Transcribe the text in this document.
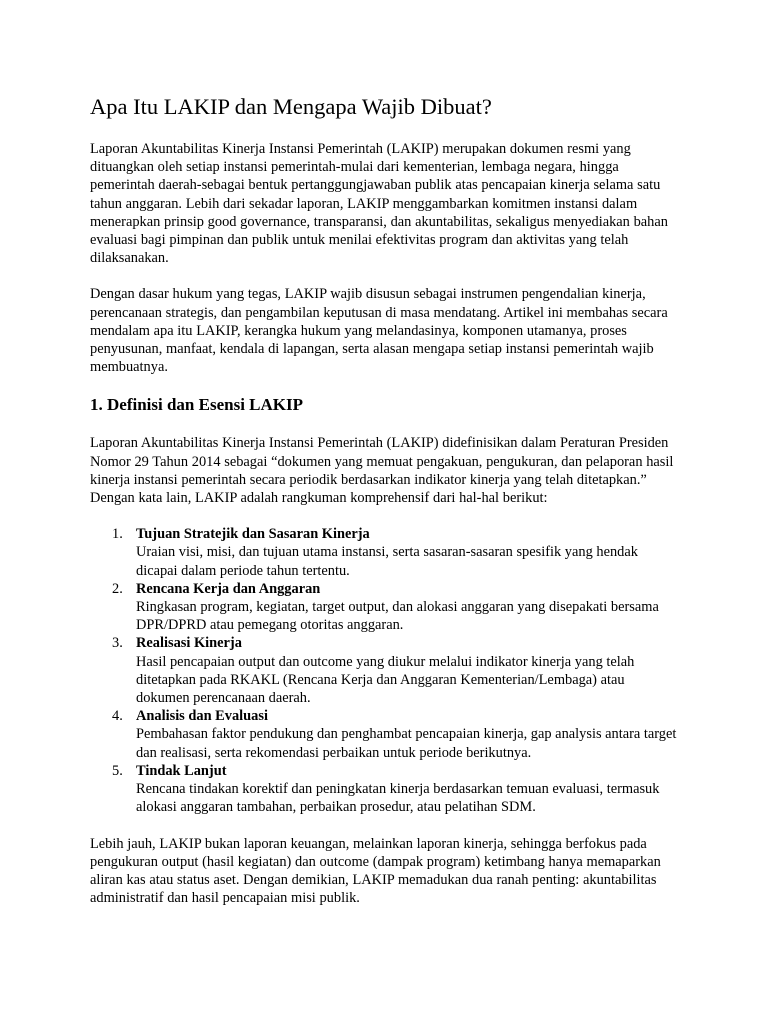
Apa Itu LAKIP dan Mengapa Wajib Dibuat?

Laporan Akuntabilitas Kinerja Instansi Pemerintah (LAKIP) merupakan dokumen resmi yang dituangkan oleh setiap instansi pemerintah-mulai dari kementerian, lembaga negara, hingga pemerintah daerah-sebagai bentuk pertanggungjawaban publik atas pencapaian kinerja selama satu tahun anggaran. Lebih dari sekadar laporan, LAKIP menggambarkan komitmen instansi dalam menerapkan prinsip good governance, transparansi, dan akuntabilitas, sekaligus menyediakan bahan evaluasi bagi pimpinan dan publik untuk menilai efektivitas program dan aktivitas yang telah dilaksanakan.

Dengan dasar hukum yang tegas, LAKIP wajib disusun sebagai instrumen pengendalian kinerja, perencanaan strategis, dan pengambilan keputusan di masa mendatang. Artikel ini membahas secara mendalam apa itu LAKIP, kerangka hukum yang melandasinya, komponen utamanya, proses penyusunan, manfaat, kendala di lapangan, serta alasan mengapa setiap instansi pemerintah wajib membuatnya.

1. Definisi dan Esensi LAKIP

Laporan Akuntabilitas Kinerja Instansi Pemerintah (LAKIP) didefinisikan dalam Peraturan Presiden Nomor 29 Tahun 2014 sebagai “dokumen yang memuat pengakuan, pengukuran, dan pelaporan hasil kinerja instansi pemerintah secara periodik berdasarkan indikator kinerja yang telah ditetapkan.” Dengan kata lain, LAKIP adalah rangkuman komprehensif dari hal-hal berikut:

1. Tujuan Stratejik dan Sasaran Kinerja
Uraian visi, misi, dan tujuan utama instansi, serta sasaran-sasaran spesifik yang hendak dicapai dalam periode tahun tertentu.
2. Rencana Kerja dan Anggaran
Ringkasan program, kegiatan, target output, dan alokasi anggaran yang disepakati bersama DPR/DPRD atau pemegang otoritas anggaran.
3. Realisasi Kinerja
Hasil pencapaian output dan outcome yang diukur melalui indikator kinerja yang telah ditetapkan pada RKAKL (Rencana Kerja dan Anggaran Kementerian/Lembaga) atau dokumen perencanaan daerah.
4. Analisis dan Evaluasi
Pembahasan faktor pendukung dan penghambat pencapaian kinerja, gap analysis antara target dan realisasi, serta rekomendasi perbaikan untuk periode berikutnya.
5. Tindak Lanjut
Rencana tindakan korektif dan peningkatan kinerja berdasarkan temuan evaluasi, termasuk alokasi anggaran tambahan, perbaikan prosedur, atau pelatihan SDM.

Lebih jauh, LAKIP bukan laporan keuangan, melainkan laporan kinerja, sehingga berfokus pada pengukuran output (hasil kegiatan) dan outcome (dampak program) ketimbang hanya memaparkan aliran kas atau status aset. Dengan demikian, LAKIP memadukan dua ranah penting: akuntabilitas administratif dan hasil pencapaian misi publik.
